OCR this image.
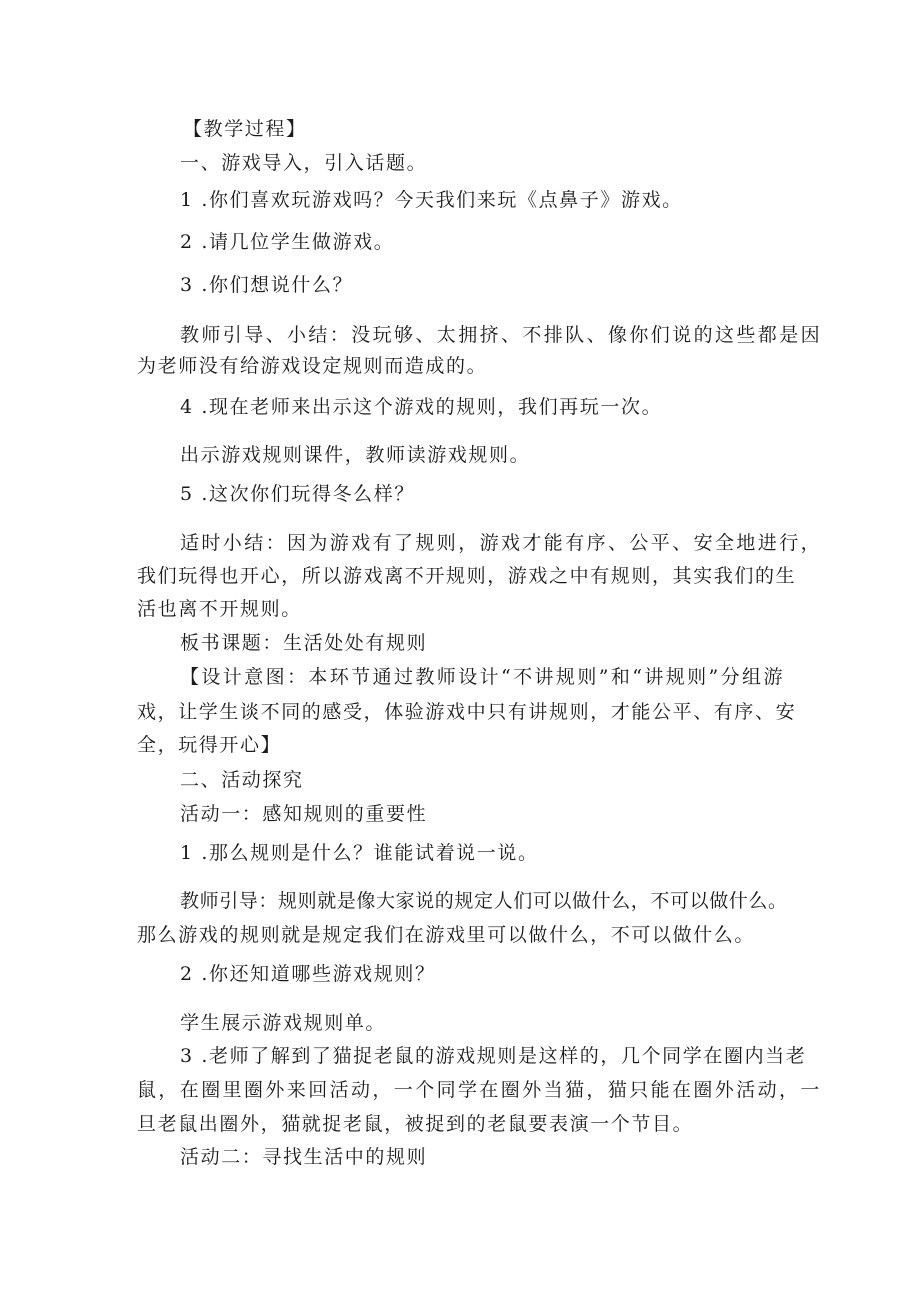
【教学过程】

一、游戏导入，引入话题。

1 .你们喜欢玩游戏吗？今天我们来玩《点鼻子》游戏。

2 .请几位学生做游戏。

3 .你们想说什么？

教师引导、小结：没玩够、太拥挤、不排队、像你们说的这些都是因

为老师没有给游戏设定规则而造成的。

4 .现在老师来出示这个游戏的规则，我们再玩一次。

出示游戏规则课件，教师读游戏规则。

5 .这次你们玩得冬么样？

适时小结：因为游戏有了规则，游戏才能有序、公平、安全地进行，

我们玩得也开心，所以游戏离不开规则，游戏之中有规则，其实我们的生

活也离不开规则。

板书课题：生活处处有规则

【设计意图：本环节通过教师设计“不讲规则”和“讲规则”分组游

戏，让学生谈不同的感受，体验游戏中只有讲规则，才能公平、有序、安

全，玩得开心】

二、活动探究

活动一：感知规则的重要性

1 .那么规则是什么？谁能试着说一说。

教师引导：规则就是像大家说的规定人们可以做什么，不可以做什么。

那么游戏的规则就是规定我们在游戏里可以做什么，不可以做什么。

2 .你还知道哪些游戏规则？

学生展示游戏规则单。

3 .老师了解到了猫捉老鼠的游戏规则是这样的，几个同学在圈内当老

鼠，在圈里圈外来回活动，一个同学在圈外当猫，猫只能在圈外活动，一

旦老鼠出圈外，猫就捉老鼠，被捉到的老鼠要表演一个节目。

活动二：寻找生活中的规则
